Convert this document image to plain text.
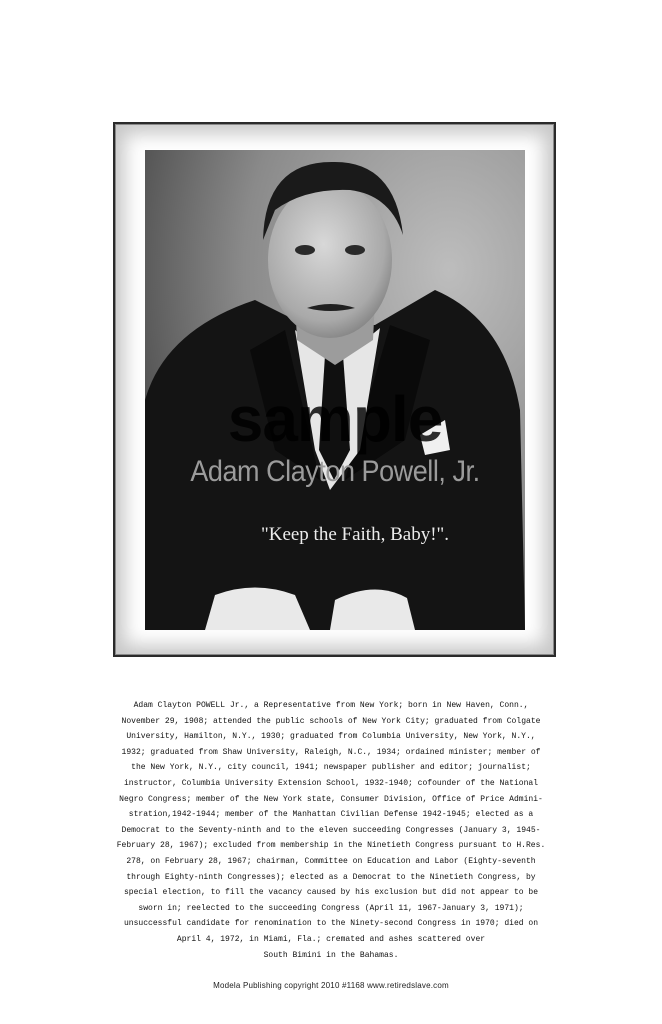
sample
Adam Clayton Powell, Jr.
"Keep the Faith, Baby!".

Adam Clayton POWELL Jr., a Representative from New York; born in New Haven, Conn., November 29, 1908; attended the public schools of New York City; graduated from Colgate University, Hamilton, N.Y., 1930; graduated from Columbia University, New York, N.Y., 1932; graduated from Shaw University, Raleigh, N.C., 1934; ordained minister; member of the New York, N.Y., city council, 1941; newspaper publisher and editor; journalist; instructor, Columbia University Extension School, 1932-1940; cofounder of the National Negro Congress; member of the New York state, Consumer Division, Office of Price Admini-
stration,1942-1944; member of the Manhattan Civilian Defense 1942-1945; elected as a Democrat to the Seventy-ninth and to the eleven succeeding Congresses (January 3, 1945-February 28, 1967); excluded from membership in the Ninetieth Congress pursuant to H.Res. 278, on February 28, 1967; chairman, Committee on Education and Labor (Eighty-seventh through Eighty-ninth Congresses); elected as a Democrat to the Ninetieth Congress, by special election, to fill the vacancy caused by his exclusion but did not appear to be sworn in; reelected to the succeeding Congress (April 11, 1967-January 3, 1971); unsuccessful candidate for renomination to the Ninety-second Congress in 1970; died on April 4, 1972, in Miami, Fla.; cremated and ashes scattered over
South Bimini in the Bahamas.

Modela Publishing copyright 2010 #1168 www.retiredslave.com
